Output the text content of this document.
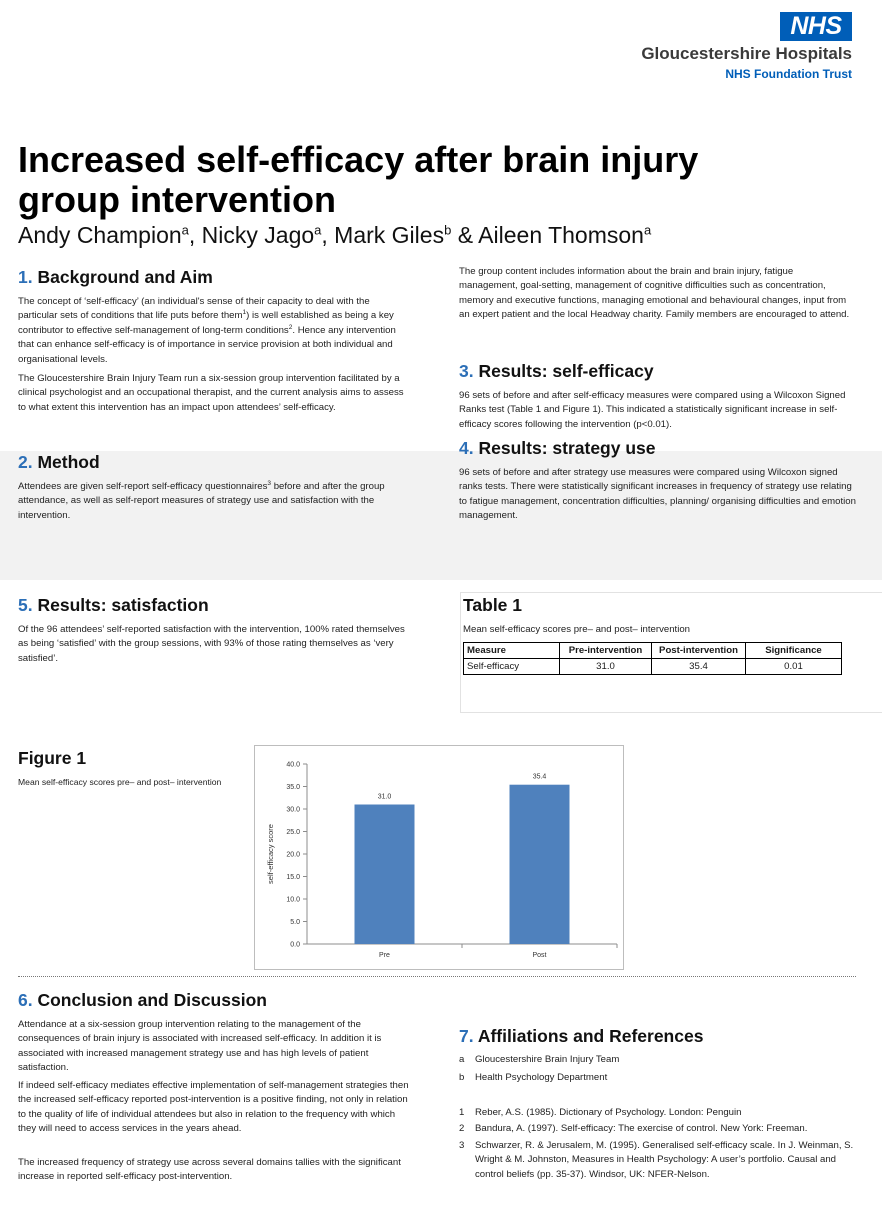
NHS
Gloucestershire Hospitals
NHS Foundation Trust
Increased self-efficacy after brain injury
group intervention
Andy Champion$^a$, Nicky Jago$^a$, Mark Giles$^b$ & Aileen Thomson$^a$
1. Background and Aim
The concept of ‘self-efficacy’ (an individual's sense of their capacity to deal with the particular sets of conditions that life puts before them$^1$) is well established as being a key contributor to effective self-management of long-term conditions$^2$. Hence any intervention that can enhance self-efficacy is of importance in service provision at both individual and organisational levels.
The Gloucestershire Brain Injury Team run a six-session group intervention facilitated by a clinical psychologist and an occupational therapist, and the current analysis aims to assess to what extent this intervention has an impact upon attendees’ self-efficacy.
2. Method
Attendees are given self-report self-efficacy questionnaires$^3$ before and after the group attendance, as well as self-report measures of strategy use and satisfaction with the intervention.
The group content includes information about the brain and brain injury, fatigue management, goal-setting, management of cognitive difficulties such as concentration, memory and executive functions, managing emotional and behavioural changes, input from an expert patient and the local Headway charity. Family members are encouraged to attend.
3. Results: self-efficacy
96 sets of before and after self-efficacy measures were compared using a Wilcoxon Signed Ranks test (Table 1 and Figure 1). This indicated a statistically significant increase in self-efficacy scores following the intervention (p<0.01).
4. Results: strategy use
96 sets of before and after strategy use measures were compared using Wilcoxon signed ranks tests. There were statistically significant increases in frequency of strategy use relating to fatigue management, concentration difficulties, planning/ organising difficulties and emotion management.
5. Results: satisfaction
Of the 96 attendees’ self-reported satisfaction with the intervention, 100% rated themselves as being ‘satisfied’ with the group sessions, with 93% of those rating themselves as ‘very satisfied’.
Table 1
Mean self-efficacy scores pre– and post– intervention
Measure	Pre-intervention	Post-intervention	Significance
Self-efficacy	31.0	35.4	0.01
Figure 1
Mean self-efficacy scores pre– and post– intervention
0.0
5.0
10.0
15.0
20.0
25.0
30.0
35.0
40.0
self-efficacy score
31.0
Pre
35.4
Post
6. Conclusion and Discussion
Attendance at a six-session group intervention relating to the management of the consequences of brain injury is associated with increased self-efficacy. In addition it is associated with increased management strategy use and has high levels of patient satisfaction.
If indeed self-efficacy mediates effective implementation of self-management strategies then the increased self-efficacy reported post-intervention is a positive finding, not only in relation to the quality of life of individual attendees but also in relation to the frequency with which they will need to access services in the years ahead.
The increased frequency of strategy use across several domains tallies with the significant increase in reported self-efficacy post-intervention.
7. Affiliations and References
a	Gloucestershire Brain Injury Team
b	Health Psychology Department
1	Reber, A.S. (1985). Dictionary of Psychology. London: Penguin
2	Bandura, A. (1997). Self-efficacy: The exercise of control. New York: Freeman.
3	Schwarzer, R. & Jerusalem, M. (1995). Generalised self-efficacy scale. In J. Weinman, S. Wright & M. Johnston, Measures in Health Psychology: A user’s portfolio. Causal and control beliefs (pp. 35-37). Windsor, UK: NFER-Nelson.
